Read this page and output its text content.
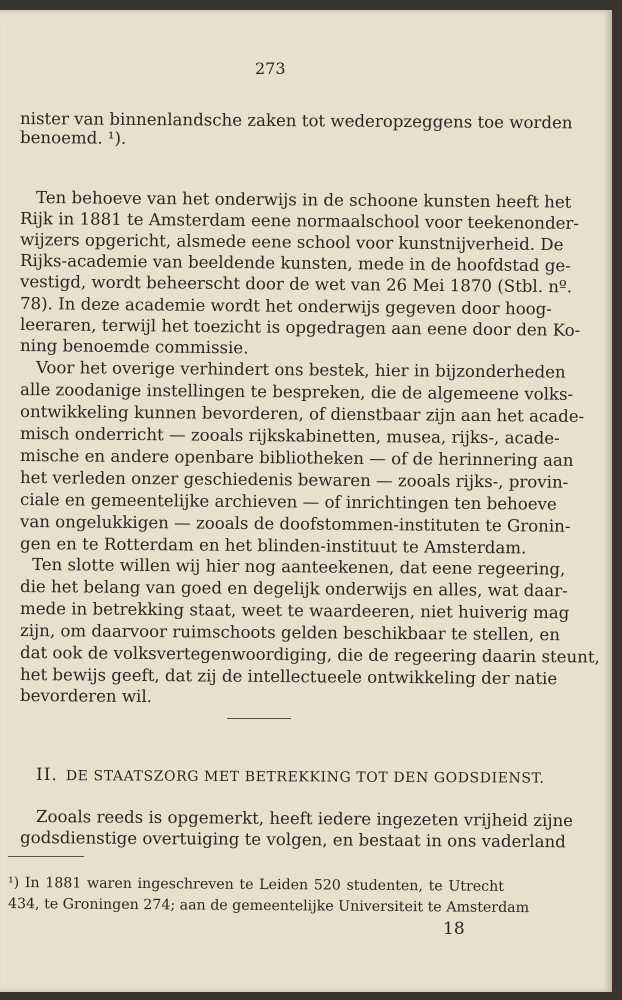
273
nister van binnenlandsche zaken tot wederopzeggens toe worden
benoemd. ¹).
Ten behoeve van het onderwijs in de schoone kunsten heeft het
Rijk in 1881 te Amsterdam eene normaalschool voor teekenonder-
wijzers opgericht, alsmede eene school voor kunstnijverheid. De
Rijks-academie van beeldende kunsten, mede in de hoofdstad ge-
vestigd, wordt beheerscht door de wet van 26 Mei 1870 (Stbl. nº.
78). In deze academie wordt het onderwijs gegeven door hoog-
leeraren, terwijl het toezicht is opgedragen aan eene door den Ko-
ning benoemde commissie.
Voor het overige verhindert ons bestek, hier in bijzonderheden
alle zoodanige instellingen te bespreken, die de algemeene volks-
ontwikkeling kunnen bevorderen, of dienstbaar zijn aan het acade-
misch onderricht — zooals rijkskabinetten, musea, rijks-, acade-
mische en andere openbare bibliotheken — of de herinnering aan
het verleden onzer geschiedenis bewaren — zooals rijks-, provin-
ciale en gemeentelijke archieven — of inrichtingen ten behoeve
van ongelukkigen — zooals de doofstommen-instituten te Gronin-
gen en te Rotterdam en het blinden-instituut te Amsterdam.
Ten slotte willen wij hier nog aanteekenen, dat eene regeering,
die het belang van goed en degelijk onderwijs en alles, wat daar-
mede in betrekking staat, weet te waardeeren, niet huiverig mag
zijn, om daarvoor ruimschoots gelden beschikbaar te stellen, en
dat ook de volksvertegenwoordiging, die de regeering daarin steunt,
het bewijs geeft, dat zij de intellectueele ontwikkeling der natie
bevorderen wil.
II. DE STAATSZORG MET BETREKKING TOT DEN GODSDIENST.
Zooals reeds is opgemerkt, heeft iedere ingezeten vrijheid zijne
godsdienstige overtuiging te volgen, en bestaat in ons vaderland
¹) In 1881 waren ingeschreven te Leiden 520 studenten, te Utrecht
434, te Groningen 274; aan de gemeentelijke Universiteit te Amsterdam
18
